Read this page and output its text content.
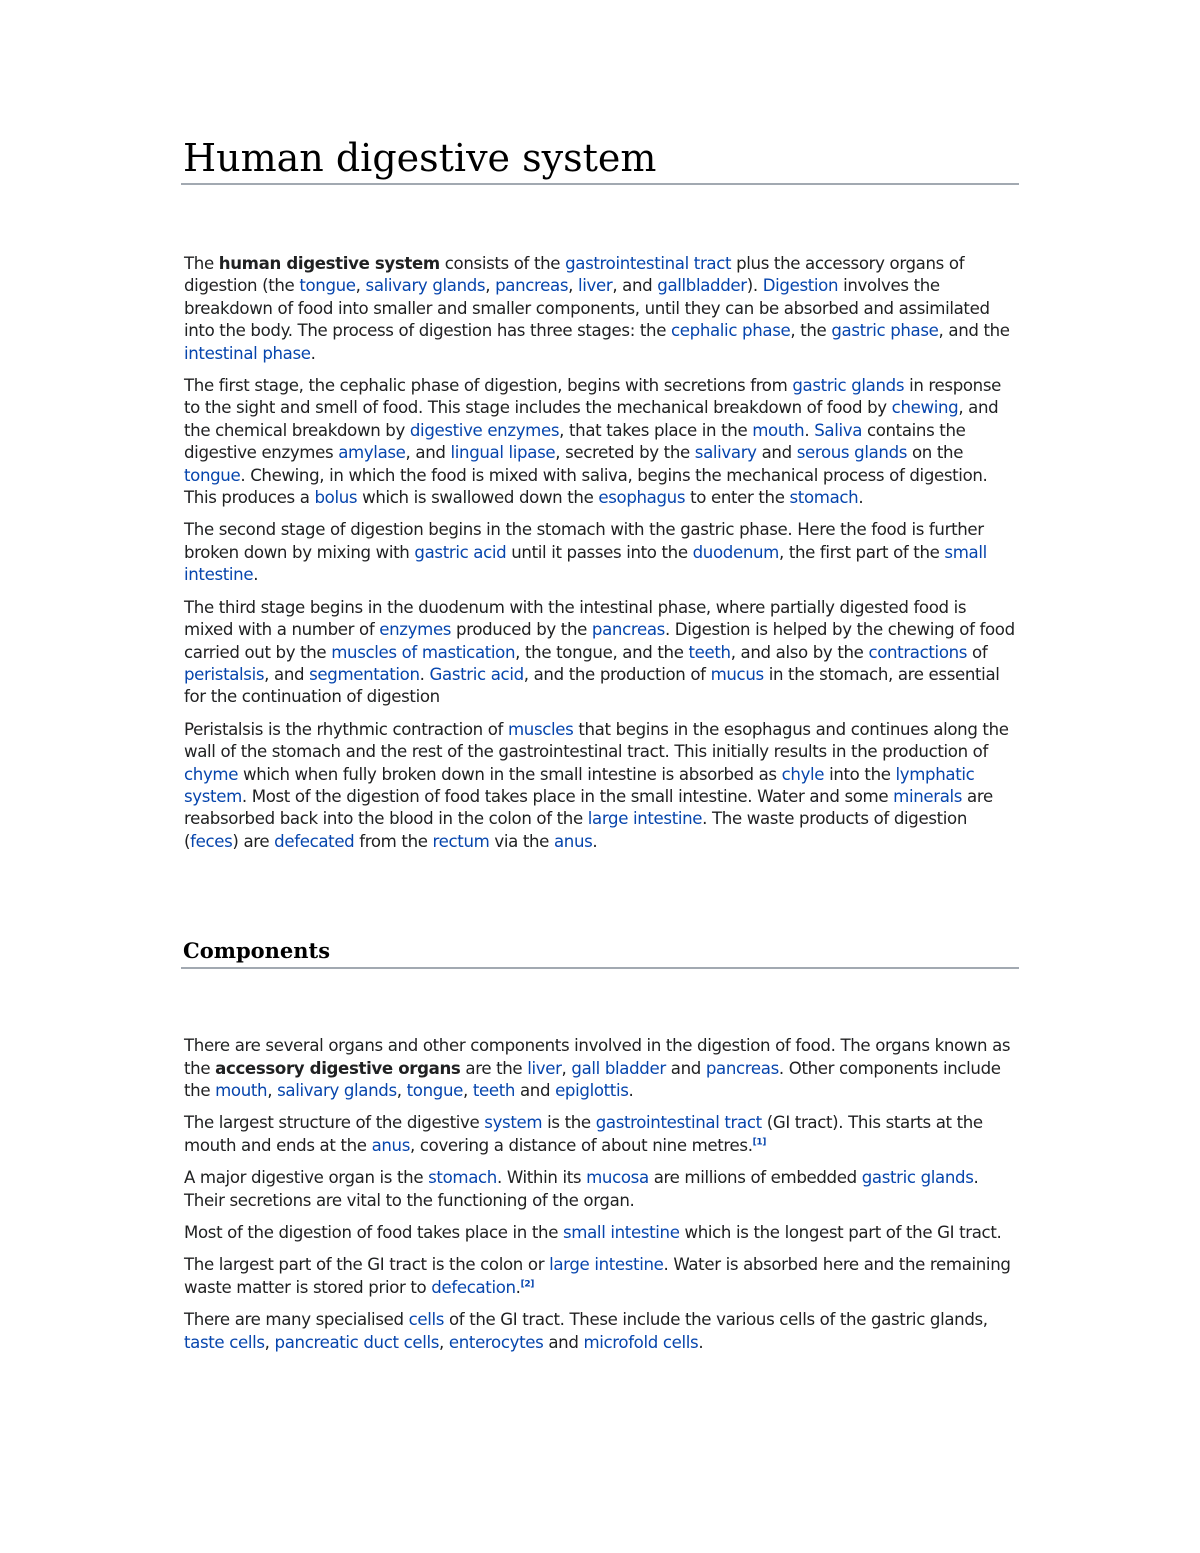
Human digestive system

The human digestive system consists of the gastrointestinal tract plus the accessory organs of digestion (the tongue, salivary glands, pancreas, liver, and gallbladder). Digestion involves the breakdown of food into smaller and smaller components, until they can be absorbed and assimilated into the body. The process of digestion has three stages: the cephalic phase, the gastric phase, and the intestinal phase.

The first stage, the cephalic phase of digestion, begins with secretions from gastric glands in response to the sight and smell of food. This stage includes the mechanical breakdown of food by chewing, and the chemical breakdown by digestive enzymes, that takes place in the mouth. Saliva contains the digestive enzymes amylase, and lingual lipase, secreted by the salivary and serous glands on the tongue. Chewing, in which the food is mixed with saliva, begins the mechanical process of digestion. This produces a bolus which is swallowed down the esophagus to enter the stomach.

The second stage of digestion begins in the stomach with the gastric phase. Here the food is further broken down by mixing with gastric acid until it passes into the duodenum, the first part of the small intestine.

The third stage begins in the duodenum with the intestinal phase, where partially digested food is mixed with a number of enzymes produced by the pancreas. Digestion is helped by the chewing of food carried out by the muscles of mastication, the tongue, and the teeth, and also by the contractions of peristalsis, and segmentation. Gastric acid, and the production of mucus in the stomach, are essential for the continuation of digestion

Peristalsis is the rhythmic contraction of muscles that begins in the esophagus and continues along the wall of the stomach and the rest of the gastrointestinal tract. This initially results in the production of chyme which when fully broken down in the small intestine is absorbed as chyle into the lymphatic system. Most of the digestion of food takes place in the small intestine. Water and some minerals are reabsorbed back into the blood in the colon of the large intestine. The waste products of digestion (feces) are defecated from the rectum via the anus.

Components

There are several organs and other components involved in the digestion of food. The organs known as the accessory digestive organs are the liver, gall bladder and pancreas. Other components include the mouth, salivary glands, tongue, teeth and epiglottis.

The largest structure of the digestive system is the gastrointestinal tract (GI tract). This starts at the mouth and ends at the anus, covering a distance of about nine metres.[1]

A major digestive organ is the stomach. Within its mucosa are millions of embedded gastric glands. Their secretions are vital to the functioning of the organ.

Most of the digestion of food takes place in the small intestine which is the longest part of the GI tract.

The largest part of the GI tract is the colon or large intestine. Water is absorbed here and the remaining waste matter is stored prior to defecation.[2]

There are many specialised cells of the GI tract. These include the various cells of the gastric glands, taste cells, pancreatic duct cells, enterocytes and microfold cells.
